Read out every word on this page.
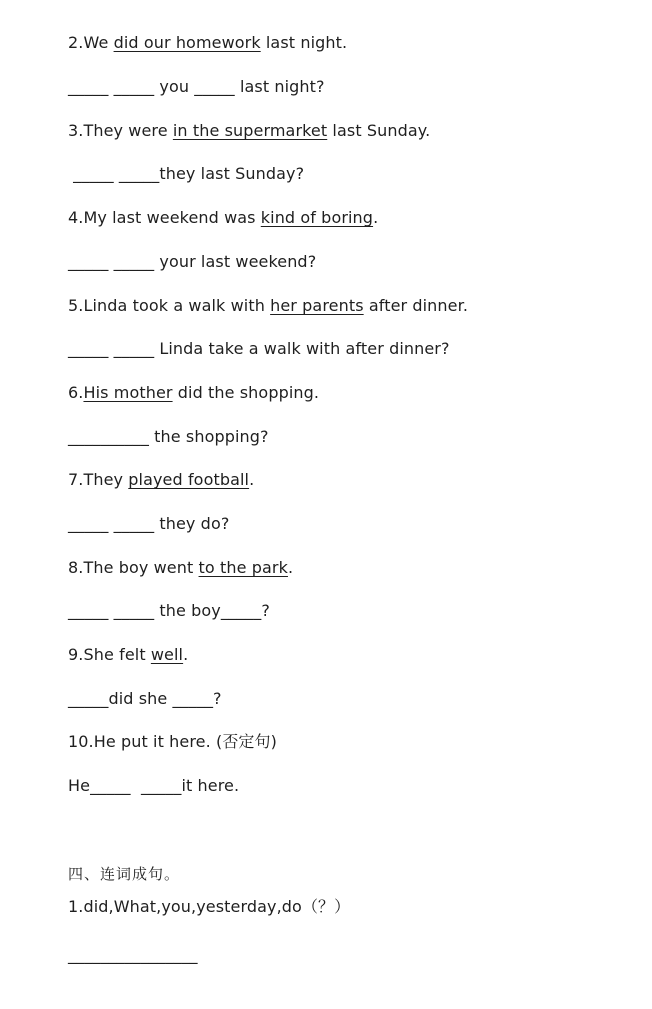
2.We did our homework last night.
_____ _____ you _____ last night?
3.They were in the supermarket last Sunday.
_____ _____they last Sunday?
4.My last weekend was kind of boring.
_____ _____ your last weekend?
5.Linda took a walk with her parents after dinner.
_____ _____ Linda take a walk with after dinner?
6.His mother did the shopping.
__________ the shopping?
7.They played football.
_____ _____ they do?
8.The boy went to the park.
_____ _____ the boy_____?
9.She felt well.
_____did she _____?
10.He put it here. (否定句)
He_____  _____it here.
四、连词成句。
1.did,What,you,yesterday,do（？）
________________
